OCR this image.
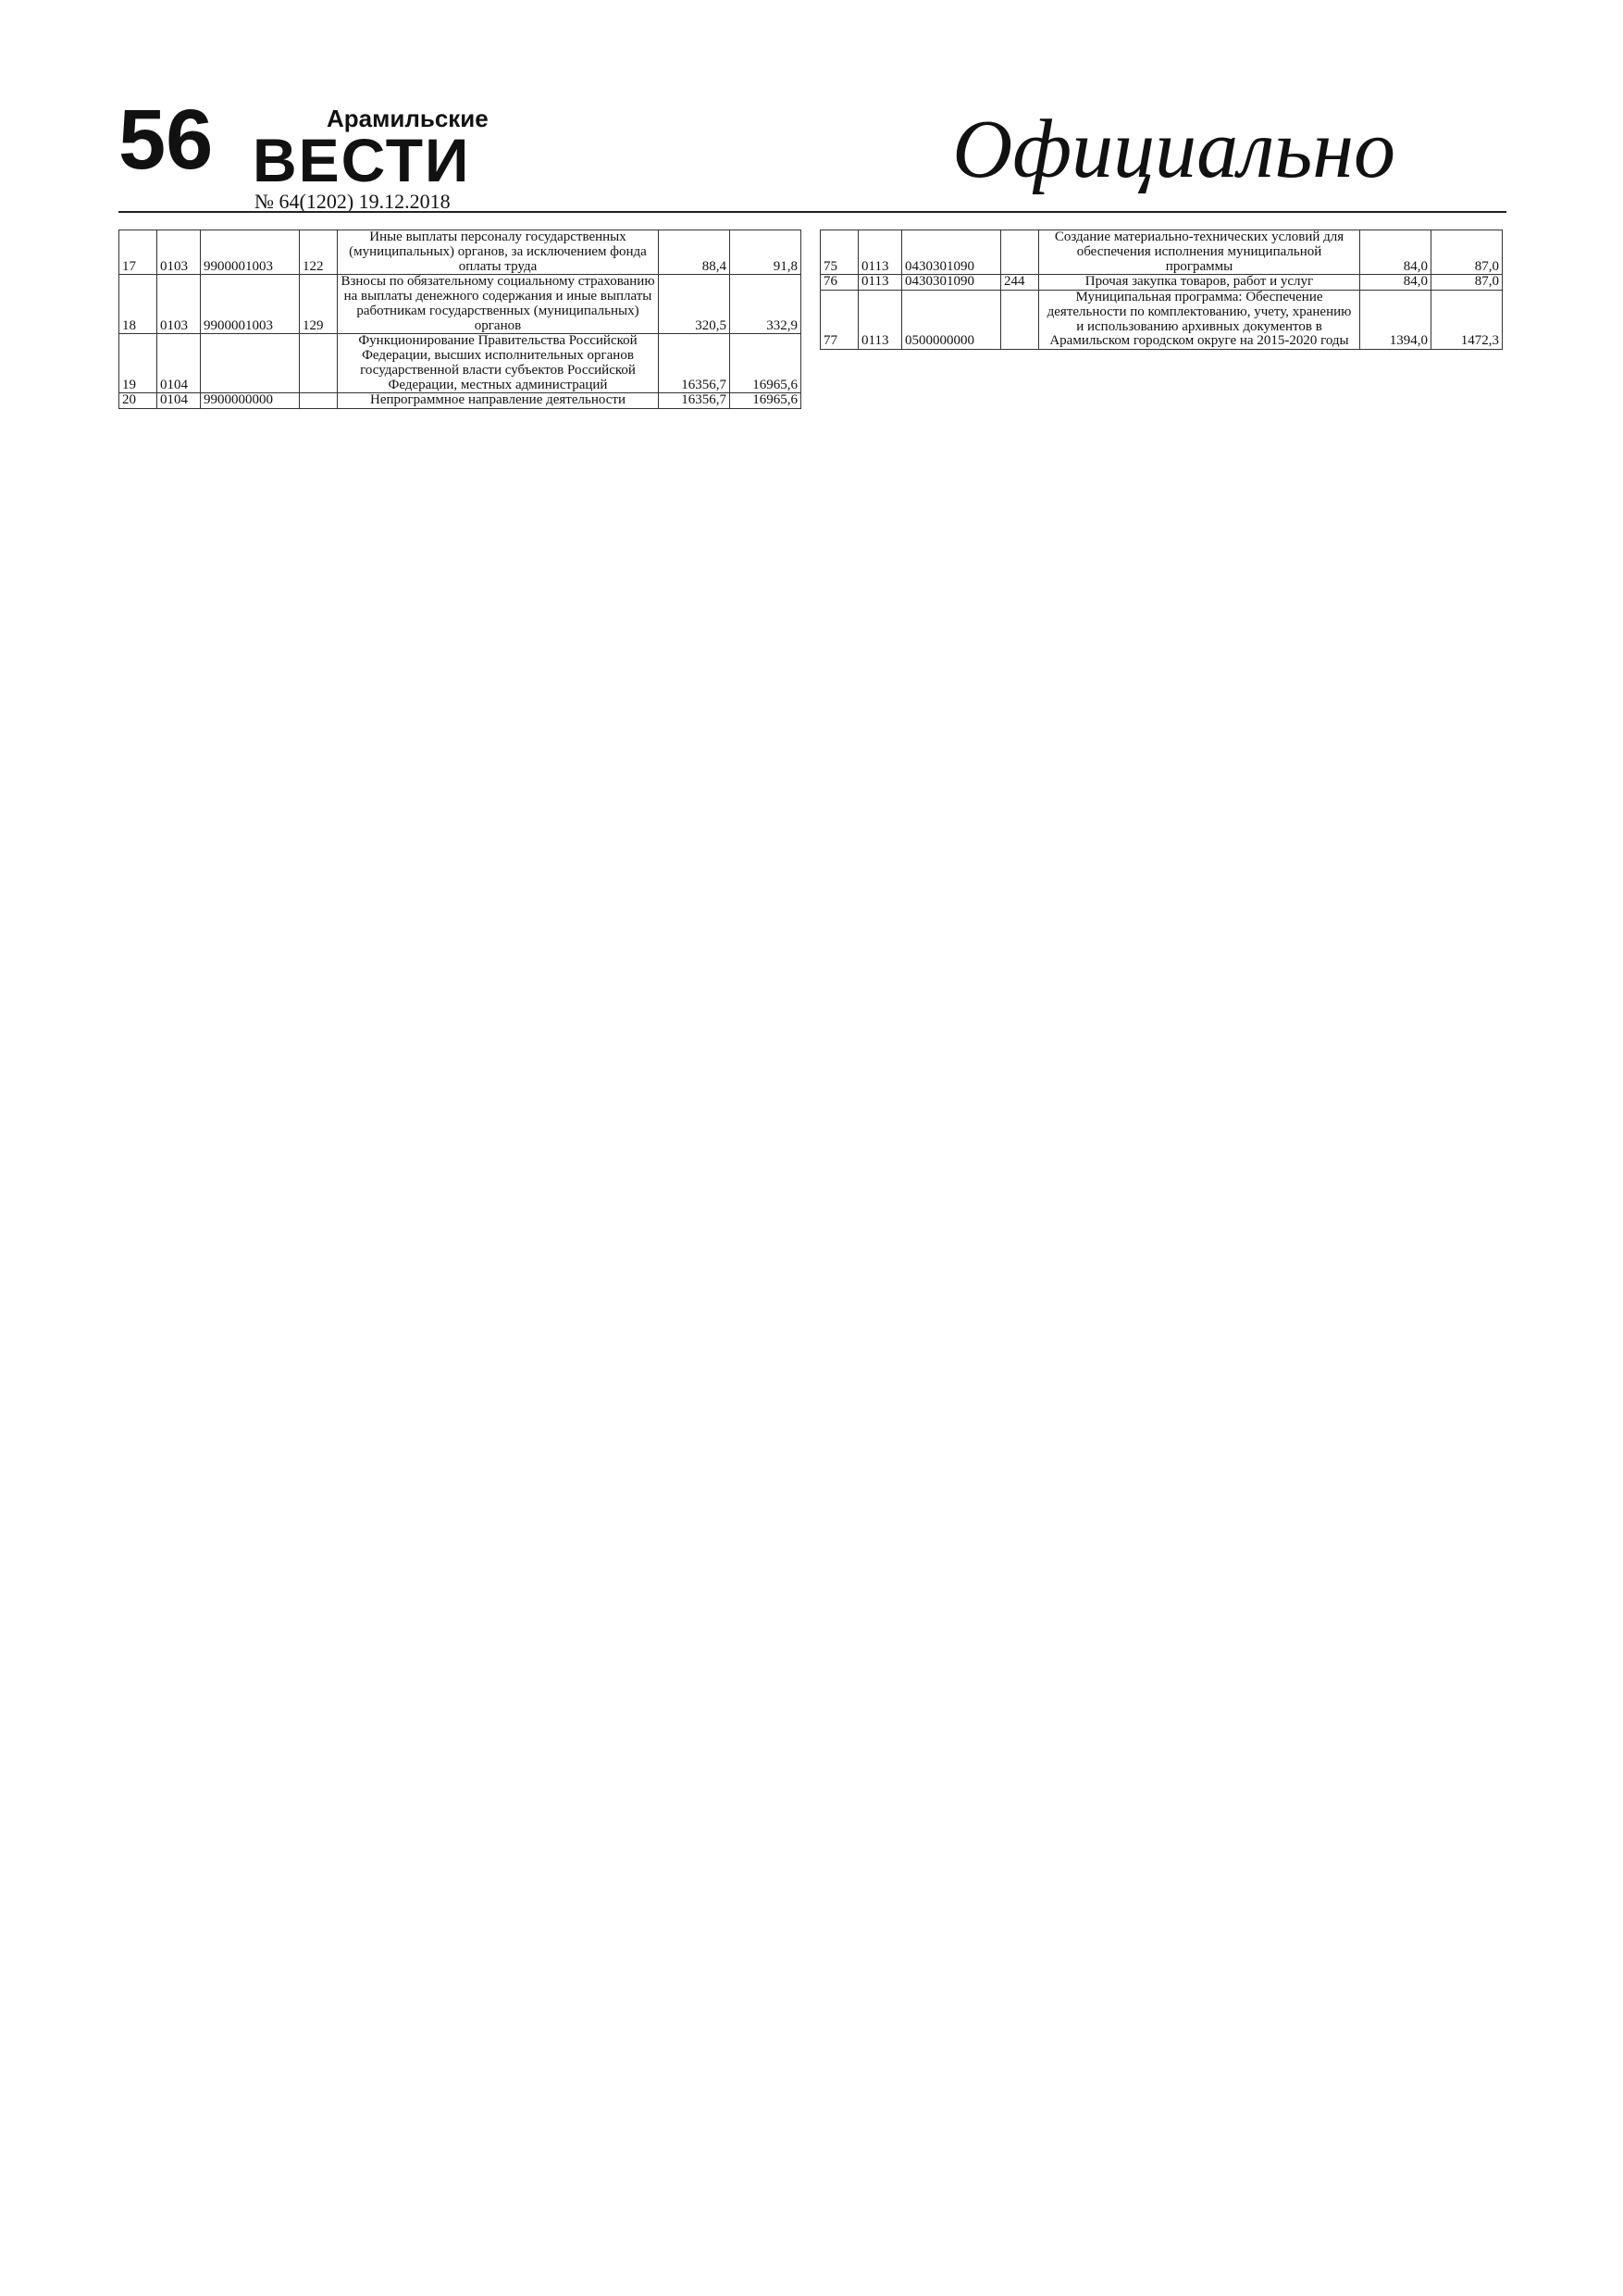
56	Арамильские
ВЕСТИ
№ 64(1202) 19.12.2018
Официально
17	0103	9900001003	122	Иные выплаты персоналу государственных (муниципальных) органов, за исключением фонда оплаты труда	88,4	91,8
18	0103	9900001003	129	Взносы по обязательному социальному страхованию на выплаты денежного содержания и иные выплаты работникам государственных (муниципальных) органов	320,5	332,9
19	0104			Функционирование Правительства Российской Федерации, высших исполнительных органов государственной власти субъектов Российской Федерации, местных администраций	16356,7	16965,6
20	0104	9900000000		Непрограммное направление деятельности	16356,7	16965,6
75	0113	0430301090		Создание материально-технических условий для обеспечения исполнения муниципальной программы	84,0	87,0
76	0113	0430301090	244	Прочая закупка товаров, работ и услуг	84,0	87,0
77	0113	0500000000		Муниципальная программа: Обеспечение деятельности по комплектованию, учету, хранению и использованию архивных документов в Арамильском городском округе на 2015-2020 годы	1394,0	1472,3
